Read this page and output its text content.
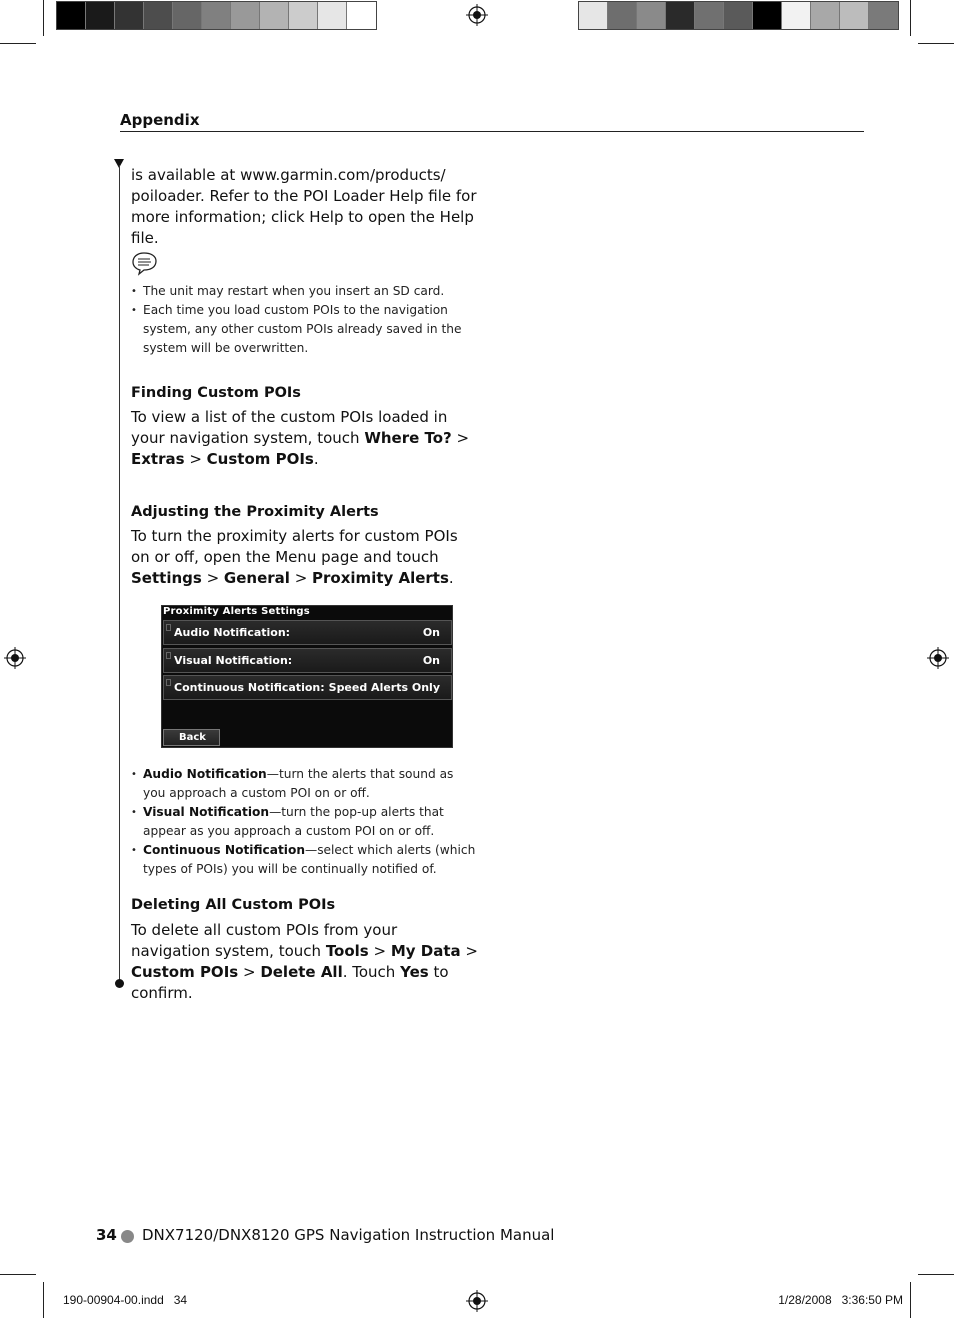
Appendix
is available at www.garmin.com/products/
poiloader. Refer to the POI Loader Help file for
more information; click Help to open the Help file.
• The unit may restart when you insert an SD card.
• Each time you load custom POIs to the navigation system, any other custom POIs already saved in the system will be overwritten.
Finding Custom POIs
To view a list of the custom POIs loaded in your navigation system, touch Where To? > Extras > Custom POIs.
Adjusting the Proximity Alerts
To turn the proximity alerts for custom POIs on or off, open the Menu page and touch Settings > General > Proximity Alerts.
Proximity Alerts Settings
Audio Notification:	On
Visual Notification:	On
Continuous Notification: Speed Alerts Only
Back
• Audio Notification—turn the alerts that sound as you approach a custom POI on or off.
• Visual Notification—turn the pop-up alerts that appear as you approach a custom POI on or off.
• Continuous Notification—select which alerts (which types of POIs) you will be continually notified of.
Deleting All Custom POIs
To delete all custom POIs from your navigation system, touch Tools > My Data > Custom POIs > Delete All. Touch Yes to confirm.
34 DNX7120/DNX8120 GPS Navigation Instruction Manual
190-00904-00.indd   34	1/28/2008   3:36:50 PM
